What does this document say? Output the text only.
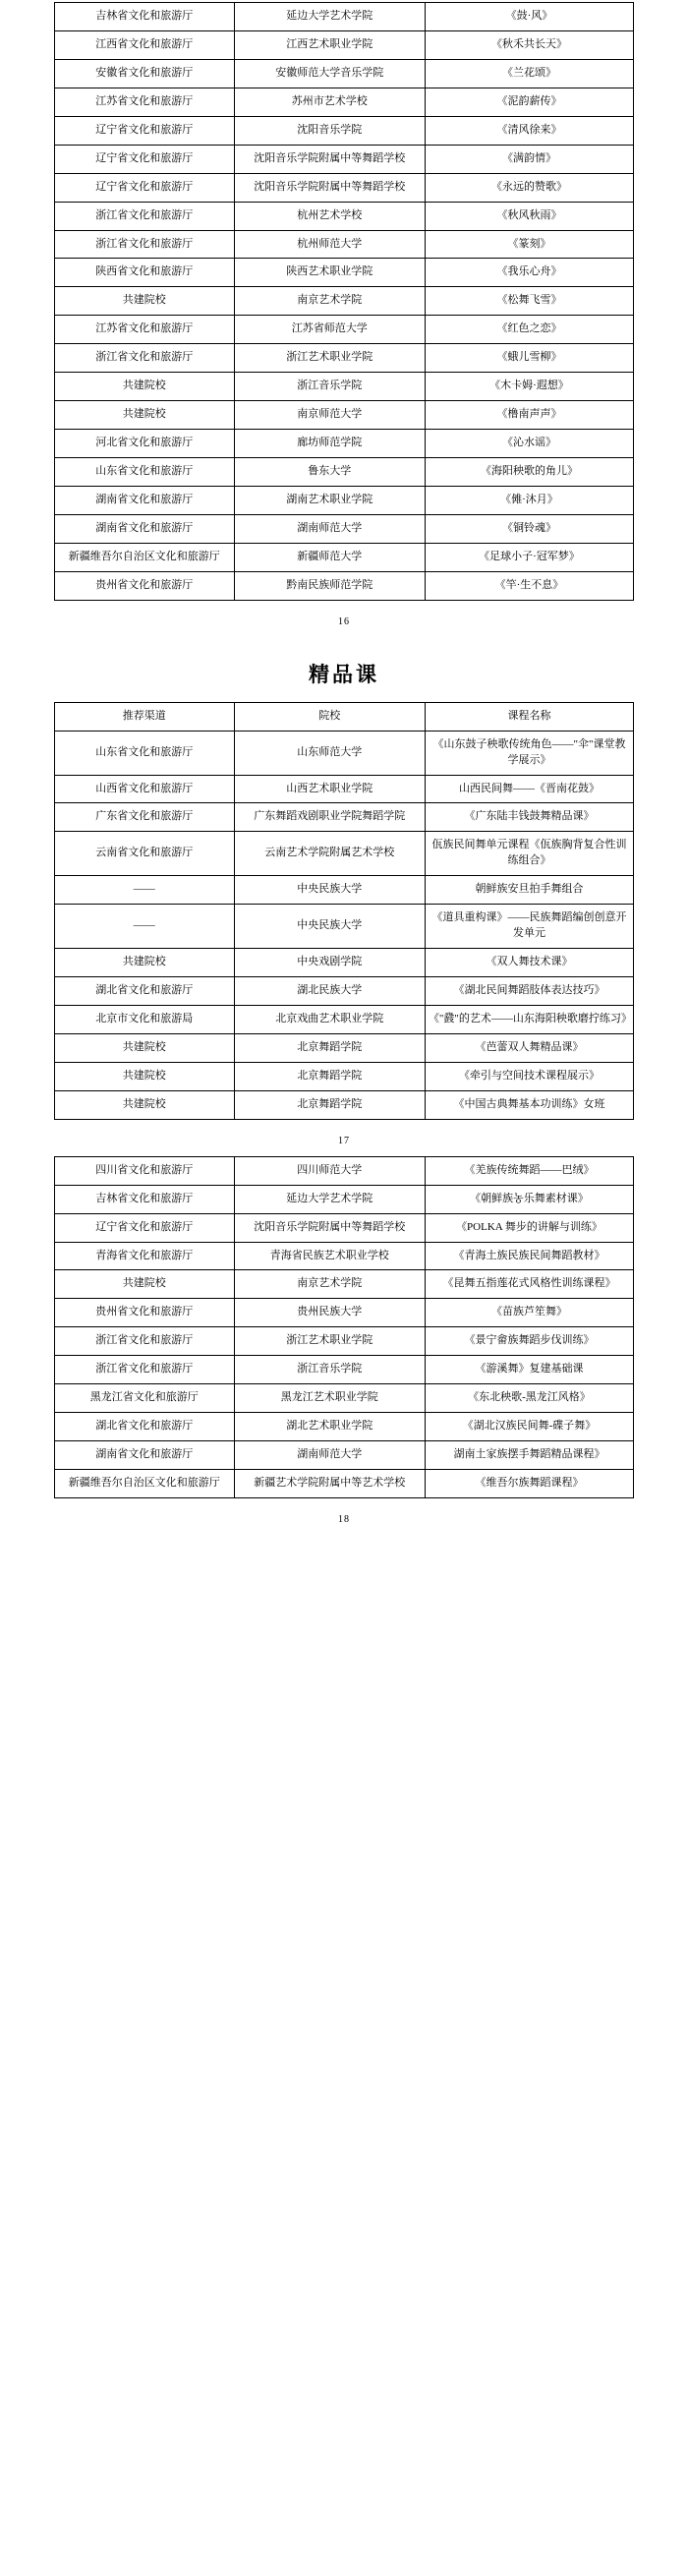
吉林省文化和旅游厅	延边大学艺术学院	《鼓·风》
江西省文化和旅游厅	江西艺术职业学院	《秋禾共长天》
安徽省文化和旅游厅	安徽师范大学音乐学院	《兰花颂》
江苏省文化和旅游厅	苏州市艺术学校	《泥韵薪传》
辽宁省文化和旅游厅	沈阳音乐学院	《清风徐来》
辽宁省文化和旅游厅	沈阳音乐学院附属中等舞蹈学校	《满韵情》
辽宁省文化和旅游厅	沈阳音乐学院附属中等舞蹈学校	《永远的赞歌》
浙江省文化和旅游厅	杭州艺术学校	《秋风秋雨》
浙江省文化和旅游厅	杭州师范大学	《篆刻》
陕西省文化和旅游厅	陕西艺术职业学院	《我乐心舟》
共建院校	南京艺术学院	《松舞飞雪》
江苏省文化和旅游厅	江苏省师范大学	《红色之恋》
浙江省文化和旅游厅	浙江艺术职业学院	《蛾儿雪柳》
共建院校	浙江音乐学院	《木卡姆·遐想》
共建院校	南京师范大学	《橹南声声》
河北省文化和旅游厅	廊坊师范学院	《沁水谣》
山东省文化和旅游厅	鲁东大学	《海阳秧歌的角儿》
湖南省文化和旅游厅	湖南艺术职业学院	《傩·沐月》
湖南省文化和旅游厅	湖南师范大学	《铜铃魂》
新疆维吾尔自治区文化和旅游厅	新疆师范大学	《足球小子·冠军梦》
贵州省文化和旅游厅	黔南民族师范学院	《竿·生不息》

16

精品课
推荐渠道	院校	课程名称
山东省文化和旅游厅	山东师范大学	《山东鼓子秧歌传统角色——"伞"课堂教学展示》
山西省文化和旅游厅	山西艺术职业学院	山西民间舞——《晋南花鼓》
广东省文化和旅游厅	广东舞蹈戏剧职业学院舞蹈学院	《广东陆丰钱鼓舞精品课》
云南省文化和旅游厅	云南艺术学院附属艺术学校	佤族民间舞单元课程《佤族胸背复合性训练组合》
——	中央民族大学	朝鲜族安旦拍手舞组合
——	中央民族大学	《道具重构课》——民族舞蹈编创创意开发单元
共建院校	中央戏剧学院	《双人舞技术课》
湖北省文化和旅游厅	湖北民族大学	《湖北民间舞蹈肢体表达技巧》
北京市文化和旅游局	北京戏曲艺术职业学院	《"鼗"的艺术——山东海阳秧歌磨拧练习》
共建院校	北京舞蹈学院	《芭蕾双人舞精品课》
共建院校	北京舞蹈学院	《牵引与空间技术课程展示》
共建院校	北京舞蹈学院	《中国古典舞基本功训练》女班

17

四川省文化和旅游厅	四川师范大学	《羌族传统舞蹈——巴绒》
吉林省文化和旅游厅	延边大学艺术学院	《朝鲜族농乐舞素材课》
辽宁省文化和旅游厅	沈阳音乐学院附属中等舞蹈学校	《POLKA 舞步的讲解与训练》
青海省文化和旅游厅	青海省民族艺术职业学校	《青海土族民族民间舞蹈教材》
共建院校	南京艺术学院	《昆舞五指莲花式风格性训练课程》
贵州省文化和旅游厅	贵州民族大学	《苗族芦笙舞》
浙江省文化和旅游厅	浙江艺术职业学院	《景宁畲族舞蹈步伐训练》
浙江省文化和旅游厅	浙江音乐学院	《游溪舞》复建基础课
黑龙江省文化和旅游厅	黑龙江艺术职业学院	《东北秧歌-黑龙江风格》
湖北省文化和旅游厅	湖北艺术职业学院	《湖北汉族民间舞-碟子舞》
湖南省文化和旅游厅	湖南师范大学	湖南土家族摆手舞蹈精品课程》
新疆维吾尔自治区文化和旅游厅	新疆艺术学院附属中等艺术学校	《维吾尔族舞蹈课程》

18
